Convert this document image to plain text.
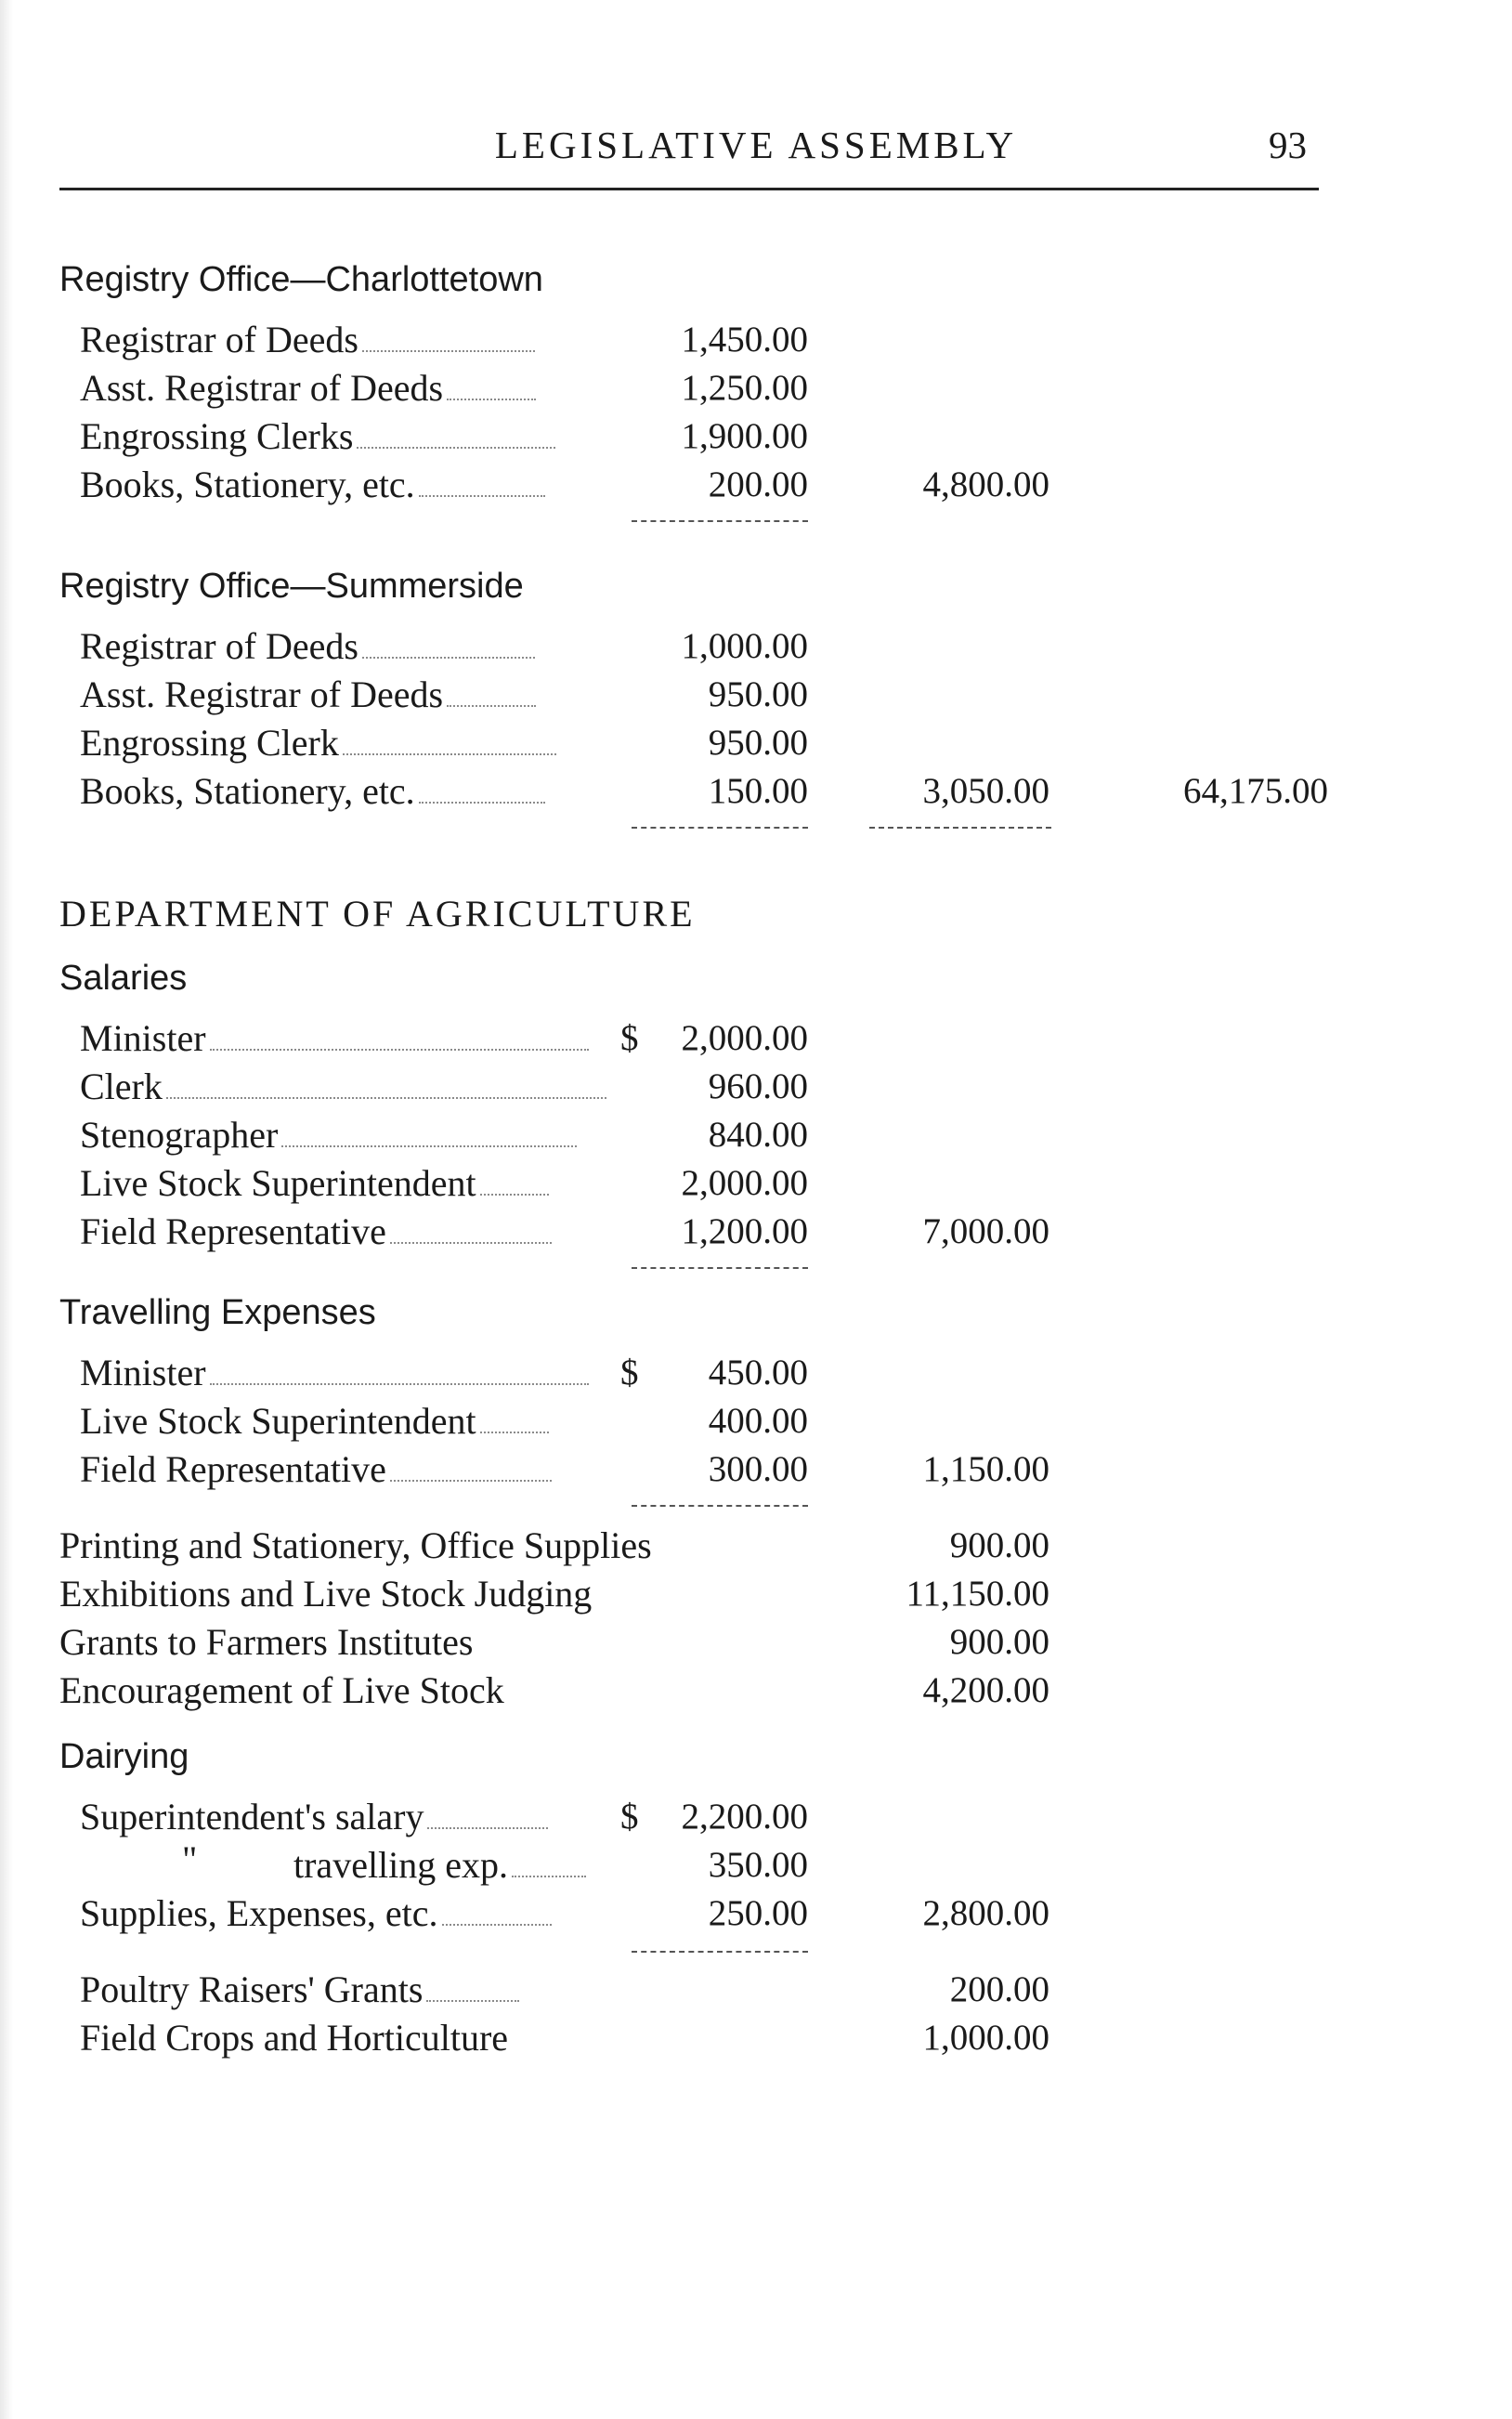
LEGISLATIVE ASSEMBLY	93
Registry Office—Charlottetown
Registrar of Deeds	1,450.00
Asst. Registrar of Deeds	1,250.00
Engrossing Clerks	1,900.00
Books, Stationery, etc.	200.00	4,800.00
Registry Office—Summerside
Registrar of Deeds	1,000.00
Asst. Registrar of Deeds	950.00
Engrossing Clerk	950.00
Books, Stationery, etc.	150.00	3,050.00	64,175.00
DEPARTMENT OF AGRICULTURE
Salaries
Minister	$	2,000.00
Clerk	960.00
Stenographer	840.00
Live Stock Superintendent	2,000.00
Field Representative	1,200.00	7,000.00
Travelling Expenses
Minister	$	450.00
Live Stock Superintendent	400.00
Field Representative	300.00	1,150.00
Printing and Stationery, Office Supplies	900.00
Exhibitions and Live Stock Judging	11,150.00
Grants to Farmers Institutes	900.00
Encouragement of Live Stock	4,200.00
Dairying
Superintendent's salary	$	2,200.00
"	travelling exp.	350.00
Supplies, Expenses, etc.	250.00	2,800.00
Poultry Raisers' Grants	200.00
Field Crops and Horticulture	1,000.00
